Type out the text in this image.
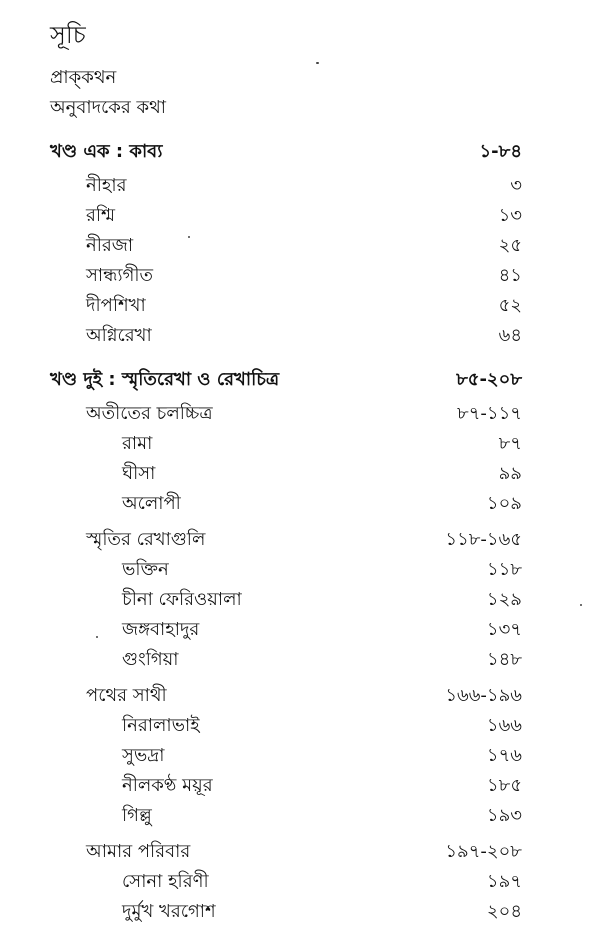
সূচি
প্রাক্‌কথন
অনুবাদকের কথা
খণ্ড এক : কাব্য	১-৮৪
নীহার	৩
রশ্মি	১৩
নীরজা	২৫
সান্ধ্যগীত	৪১
দীপশিখা	৫২
অগ্নিরেখা	৬৪
খণ্ড দুই : স্মৃতিরেখা ও রেখাচিত্র	৮৫-২০৮
অতীতের চলচ্চিত্র	৮৭-১১৭
রামা	৮৭
ঘীসা	৯৯
অলোপী	১০৯
স্মৃতির রেখাগুলি	১১৮-১৬৫
ভক্তিন	১১৮
চীনা ফেরিওয়ালা	১২৯
জঙ্গবাহাদুর	১৩৭
গুংগিয়া	১৪৮
পথের সাথী	১৬৬-১৯৬
নিরালাভাই	১৬৬
সুভদ্রা	১৭৬
নীলকণ্ঠ ময়ূর	১৮৫
গিল্লু	১৯৩
আমার পরিবার	১৯৭-২০৮
সোনা হরিণী	১৯৭
দুর্মুখ খরগোশ	২০৪
